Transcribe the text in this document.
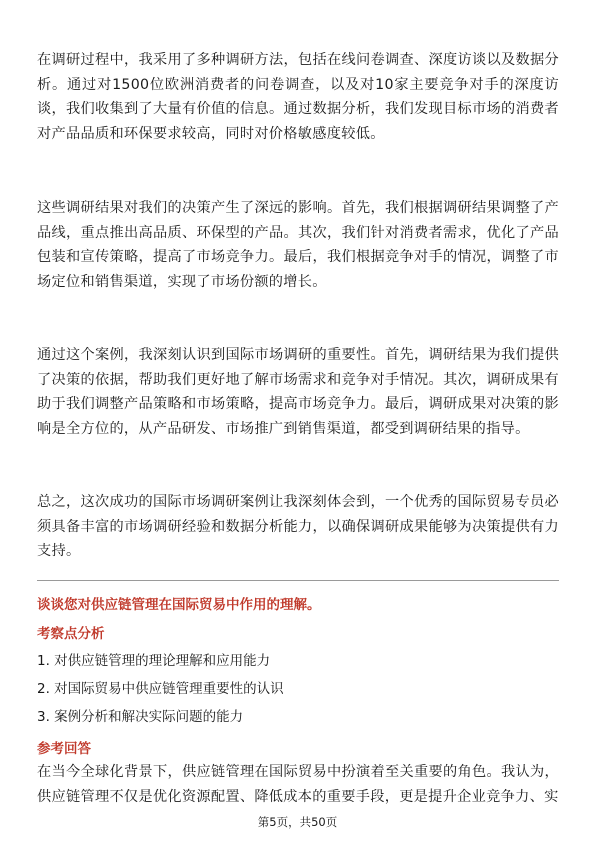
在调研过程中，我采用了多种调研方法，包括在线问卷调查、深度访谈以及数据分析。通过对1500位欧洲消费者的问卷调查，以及对10家主要竞争对手的深度访谈，我们收集到了大量有价值的信息。通过数据分析，我们发现目标市场的消费者对产品品质和环保要求较高，同时对价格敏感度较低。

这些调研结果对我们的决策产生了深远的影响。首先，我们根据调研结果调整了产品线，重点推出高品质、环保型的产品。其次，我们针对消费者需求，优化了产品包装和宣传策略，提高了市场竞争力。最后，我们根据竞争对手的情况，调整了市场定位和销售渠道，实现了市场份额的增长。

通过这个案例，我深刻认识到国际市场调研的重要性。首先，调研结果为我们提供了决策的依据，帮助我们更好地了解市场需求和竞争对手情况。其次，调研成果有助于我们调整产品策略和市场策略，提高市场竞争力。最后，调研成果对决策的影响是全方位的，从产品研发、市场推广到销售渠道，都受到调研结果的指导。

总之，这次成功的国际市场调研案例让我深刻体会到，一个优秀的国际贸易专员必须具备丰富的市场调研经验和数据分析能力，以确保调研成果能够为决策提供有力支持。

谈谈您对供应链管理在国际贸易中作用的理解。
考察点分析
1. 对供应链管理的理论理解和应用能力
2. 对国际贸易中供应链管理重要性的认识
3. 案例分析和解决实际问题的能力
参考回答

在当今全球化背景下，供应链管理在国际贸易中扮演着至关重要的角色。我认为，供应链管理不仅是优化资源配置、降低成本的重要手段，更是提升企业竞争力、实

第5页，共50页
